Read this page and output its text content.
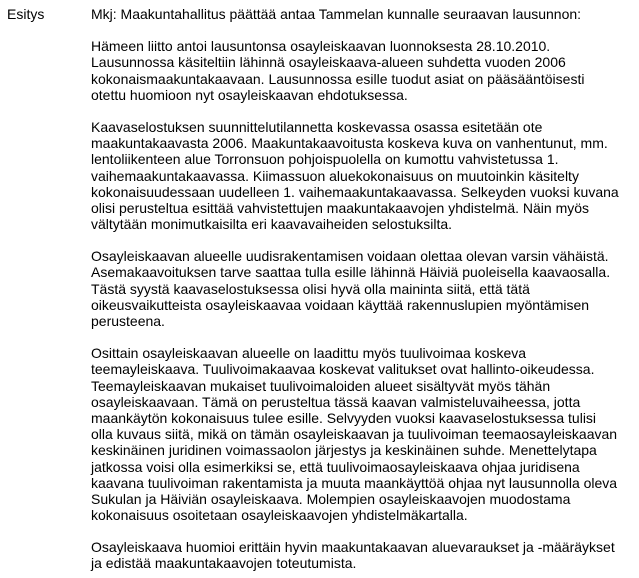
Esitys	Mkj: Maakuntahallitus päättää antaa Tammelan kunnalle seuraavan lausunnon:
Hämeen liitto antoi lausuntonsa osayleiskaavan luonnoksesta 28.10.2010.
Lausunnossa käsiteltiin lähinnä osayleiskaava-alueen suhdetta vuoden 2006
kokonaismaakuntakaavaan. Lausunnossa esille tuodut asiat on pääsääntöisesti
otettu huomioon nyt osayleiskaavan ehdotuksessa.
Kaavaselostuksen suunnittelutilannetta koskevassa osassa esitetään ote
maakuntakaavasta 2006. Maakuntakaavoitusta koskeva kuva on vanhentunut, mm.
lentoliikenteen alue Torronsuon pohjoispuolella on kumottu vahvistetussa 1.
vaihemaakuntakaavassa. Kiimassuon aluekokonaisuus on muutoinkin käsitelty
kokonaisuudessaan uudelleen 1. vaihemaakuntakaavassa. Selkeyden vuoksi kuvana
olisi perusteltua esittää vahvistettujen maakuntakaavojen yhdistelmä. Näin myös
vältytään monimutkaisilta eri kaavavaiheiden selostuksilta.
Osayleiskaavan alueelle uudisrakentamisen voidaan olettaa olevan varsin vähäistä.
Asemakaavoituksen tarve saattaa tulla esille lähinnä Häiviä puoleisella kaavaosalla.
Tästä syystä kaavaselostuksessa olisi hyvä olla maininta siitä, että tätä
oikeusvaikutteista osayleiskaavaa voidaan käyttää rakennuslupien myöntämisen
perusteena.
Osittain osayleiskaavan alueelle on laadittu myös tuulivoimaa koskeva
teemayleiskaava. Tuulivoimakaavaa koskevat valitukset ovat hallinto-oikeudessa.
Teemayleiskaavan mukaiset tuulivoimaloiden alueet sisältyvät myös tähän
osayleiskaavaan. Tämä on perusteltua tässä kaavan valmisteluvaiheessa, jotta
maankäytön kokonaisuus tulee esille. Selvyyden vuoksi kaavaselostuksessa tulisi
olla kuvaus siitä, mikä on tämän osayleiskaavan ja tuulivoiman teemaosayleiskaavan
keskinäinen juridinen voimassaolon järjestys ja keskinäinen suhde. Menettelytapa
jatkossa voisi olla esimerkiksi se, että tuulivoimaosayleiskaava ohjaa juridisena
kaavana tuulivoiman rakentamista ja muuta maankäyttöä ohjaa nyt lausunnolla oleva
Sukulan ja Häiviän osayleiskaava. Molempien osayleiskaavojen muodostama
kokonaisuus osoitetaan osayleiskaavojen yhdistelmäkartalla.
Osayleiskaava huomioi erittäin hyvin maakuntakaavan aluevaraukset ja -määräykset
ja edistää maakuntakaavojen toteutumista.
